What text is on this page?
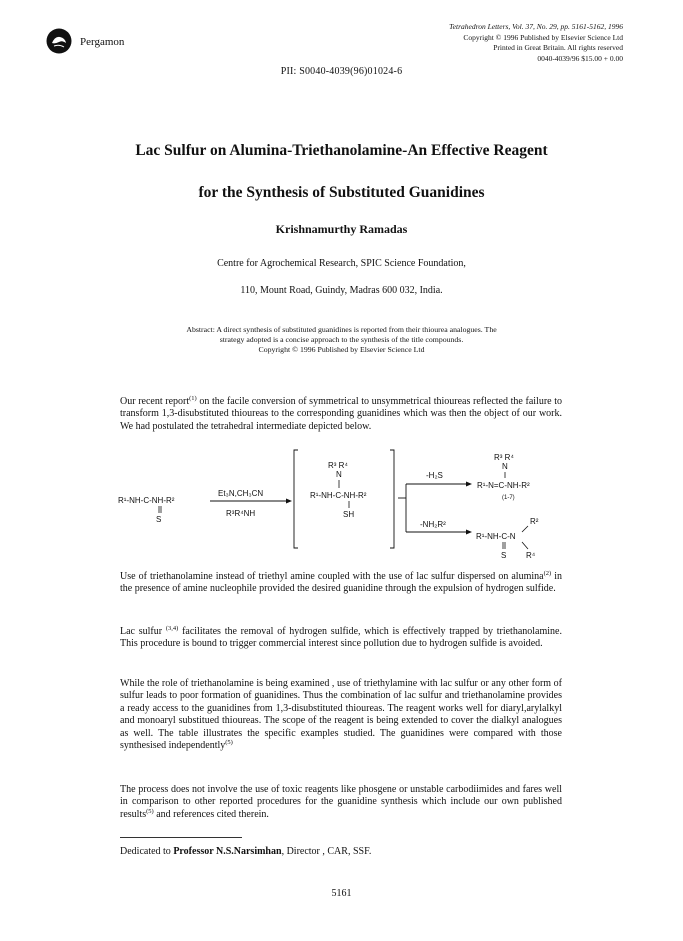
Pergamon
Tetrahedron Letters, Vol. 37, No. 29, pp. 5161-5162, 1996
Copyright © 1996 Published by Elsevier Science Ltd
Printed in Great Britain. All rights reserved
0040-4039/96 $15.00 + 0.00
PII: S0040-4039(96)01024-6
Lac Sulfur on Alumina-Triethanolamine-An Effective Reagent
for the Synthesis of Substituted Guanidines
Krishnamurthy Ramadas
Centre for Agrochemical Research, SPIC Science Foundation,
110, Mount Road, Guindy, Madras 600 032, India.
Abstract: A direct synthesis of substituted guanidines is reported from their thiourea analogues. The
strategy adopted is a concise approach to the synthesis of the title compounds.
Copyright © 1996 Published by Elsevier Science Ltd
Our recent report$^{(1)}$ on the facile conversion of symmetrical to unsymmetrical thioureas reflected the failure to transform 1,3-disubstituted thioureas to the corresponding guanidines which was then the object of our work. We had postulated the tetrahedral intermediate depicted below.
R¹-NH-C-NH-R²
S
Et₃N,CH₃CN
R³R⁴NH
R³ R⁴
N
R¹-NH-C-NH-R²
SH
-H₂S
-NH₂R²
R³ R⁴
N
R¹-N=C-NH-R²
(1-7)
R²
R¹-NH-C-N
S R⁴
Use of triethanolamine instead of triethyl amine coupled with the use of lac sulfur dispersed on alumina$^{(2)}$ in the presence of amine nucleophile provided the desired guanidine through the expulsion of hydrogen sulfide.
Lac sulfur $^{(3,4)}$ facilitates the removal of hydrogen sulfide, which is effectively trapped by triethanolamine. This procedure is bound to trigger commercial interest since pollution due to hydrogen sulfide is avoided.
While the role of triethanolamine is being examined , use of triethylamine with lac sulfur or any other form of sulfur leads to poor formation of guanidines. Thus the combination of lac sulfur and triethanolamine provides a ready access to the guanidines from 1,3-disubstituted thioureas. The reagent works well for diaryl,arylalkyl and monoaryl substitued thioureas. The scope of the reagent is being extended to cover the dialkyl analogues as well. The table illustrates the specific examples studied. The guanidines were compared with those synthesised independently$^{(5)}$
The process does not involve the use of toxic reagents like phosgene or unstable carbodiimides and fares well in comparison to other reported procedures for the guanidine synthesis which include our own published results$^{(5)}$ and references cited therein.
Dedicated to Professor N.S.Narsimhan, Director , CAR, SSF.
5161
